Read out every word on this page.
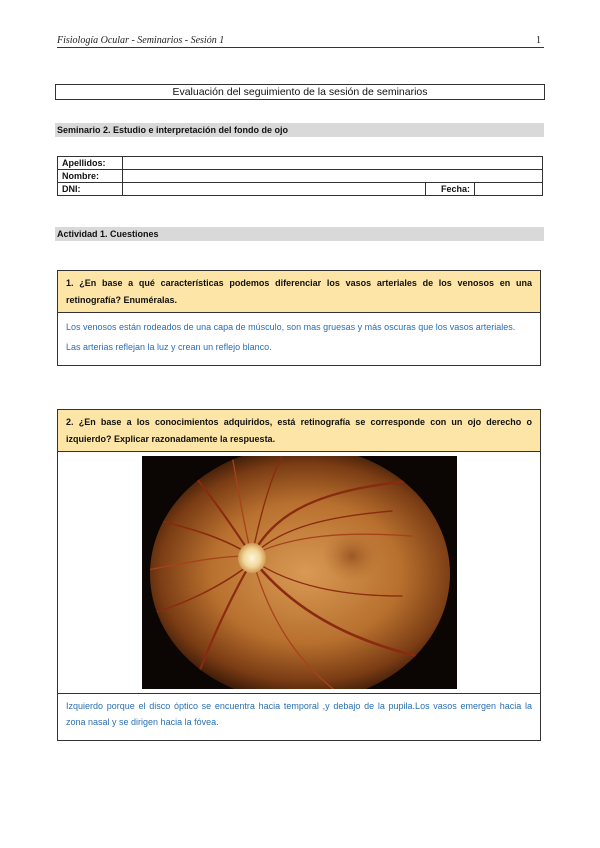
Fisiología Ocular - Seminarios - Sesión 1	1
Evaluación del seguimiento de la sesión de seminarios
Seminario 2. Estudio e interpretación del fondo de ojo
Apellidos:			
Nombre:			
DNI:		Fecha:	
Actividad 1. Cuestiones
1. ¿En base a qué características podemos diferenciar los vasos arteriales de los venosos en una retinografía? Enuméralas.
Los venosos están rodeados de una capa de músculo, son mas gruesas y más oscuras que los vasos arteriales.
Las arterias reflejan la luz y crean un reflejo blanco.
2. ¿En base a los conocimientos adquiridos, está retinografía se corresponde con un ojo derecho o izquierdo? Explicar razonadamente la respuesta.
Izquierdo porque el disco óptico se encuentra hacia temporal ,y debajo de la pupila.Los vasos emergen hacia la zona nasal y se dirigen hacia la fóvea.
